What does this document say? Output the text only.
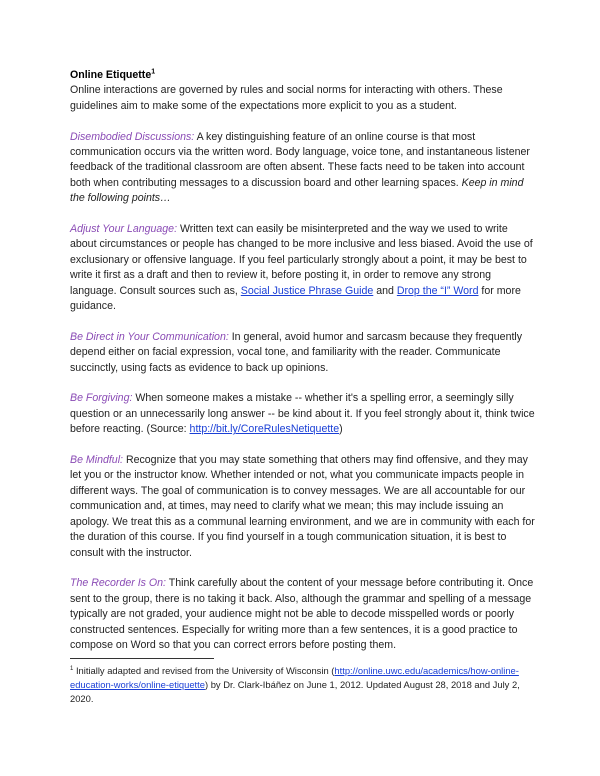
Online Etiquette$^1$

Online interactions are governed by rules and social norms for interacting with others. These guidelines aim to make some of the expectations more explicit to you as a student.

Disembodied Discussions: A key distinguishing feature of an online course is that most communication occurs via the written word. Body language, voice tone, and instantaneous listener feedback of the traditional classroom are often absent. These facts need to be taken into account both when contributing messages to a discussion board and other learning spaces. Keep in mind the following points…

Adjust Your Language: Written text can easily be misinterpreted and the way we used to write about circumstances or people has changed to be more inclusive and less biased. Avoid the use of exclusionary or offensive language. If you feel particularly strongly about a point, it may be best to write it first as a draft and then to review it, before posting it, in order to remove any strong language. Consult sources such as, Social Justice Phrase Guide and Drop the “I” Word for more guidance.

Be Direct in Your Communication: In general, avoid humor and sarcasm because they frequently depend either on facial expression, vocal tone, and familiarity with the reader. Communicate succinctly, using facts as evidence to back up opinions.

Be Forgiving: When someone makes a mistake -- whether it's a spelling error, a seemingly silly question or an unnecessarily long answer -- be kind about it. If you feel strongly about it, think twice before reacting. (Source: http://bit.ly/CoreRulesNetiquette)

Be Mindful: Recognize that you may state something that others may find offensive, and they may let you or the instructor know. Whether intended or not, what you communicate impacts people in different ways. The goal of communication is to convey messages. We are all accountable for our communication and, at times, may need to clarify what we mean; this may include issuing an apology. We treat this as a communal learning environment, and we are in community with each for the duration of this course. If you find yourself in a tough communication situation, it is best to consult with the instructor.

The Recorder Is On: Think carefully about the content of your message before contributing it. Once sent to the group, there is no taking it back. Also, although the grammar and spelling of a message typically are not graded, your audience might not be able to decode misspelled words or poorly constructed sentences. Especially for writing more than a few sentences, it is a good practice to compose on Word so that you can correct errors before posting them.

$^1$ Initially adapted and revised from the University of Wisconsin (http://online.uwc.edu/academics/how-online-education-works/online-etiquette) by Dr. Clark-Ibáñez on June 1, 2012. Updated August 28, 2018 and July 2, 2020.
